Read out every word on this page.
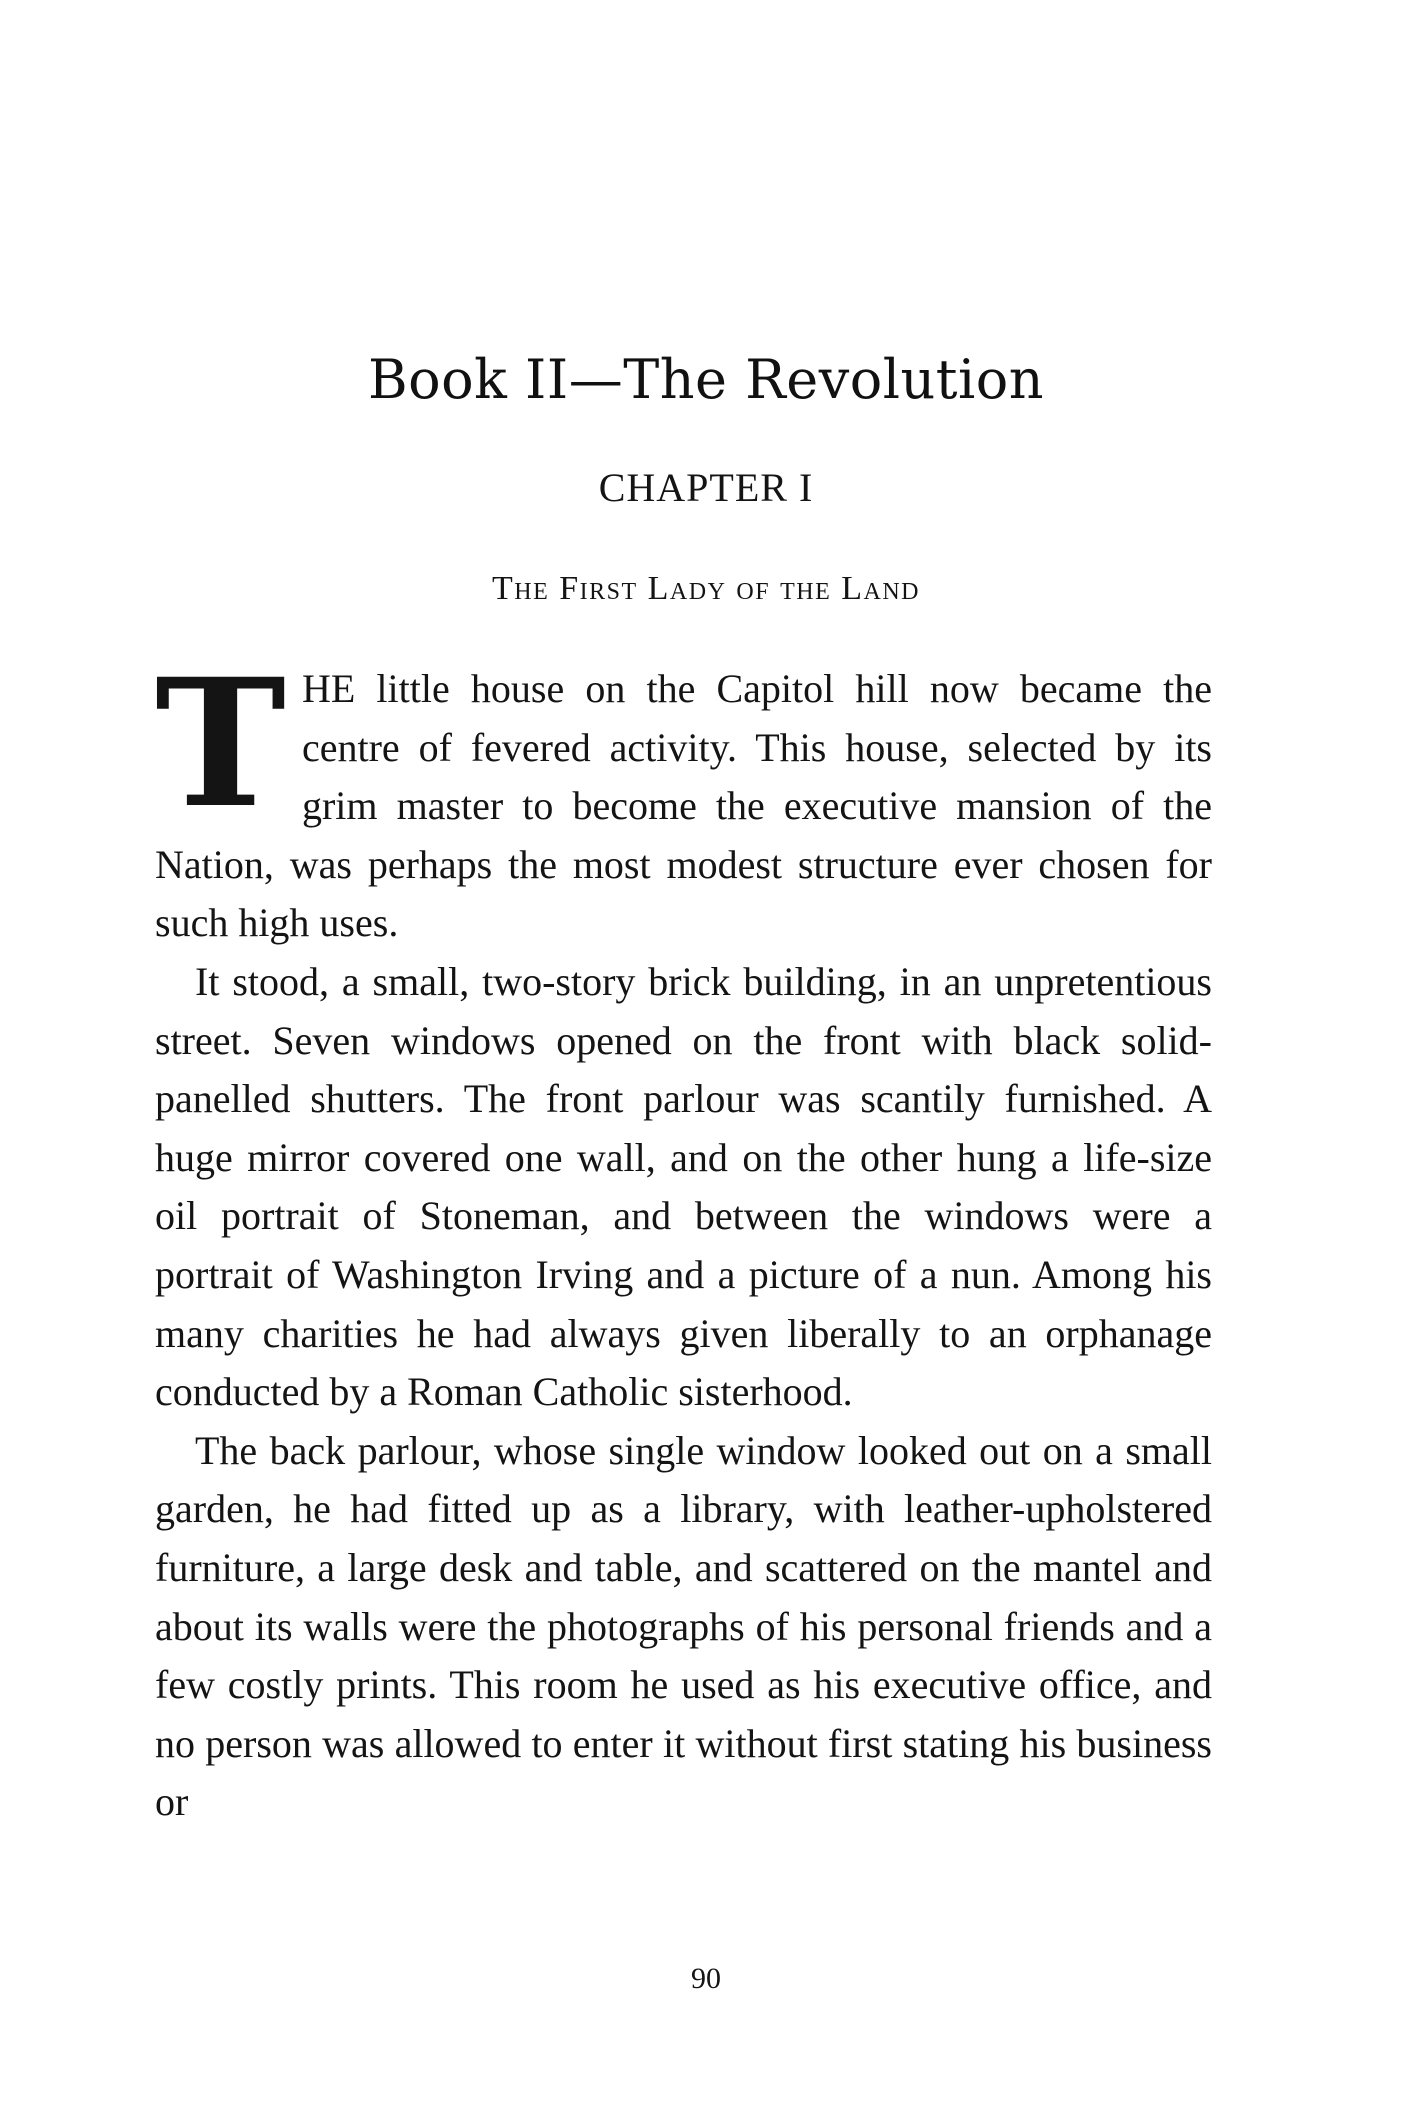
Book II—The Revolution
CHAPTER I
The First Lady of the Land

THE little house on the Capitol hill now became the centre of fevered activity. This house, selected by its grim master to become the executive mansion of the Nation, was perhaps the most modest structure ever chosen for such high uses.

It stood, a small, two-story brick building, in an unpretentious street. Seven windows opened on the front with black solid-panelled shutters. The front parlour was scantily furnished. A huge mirror covered one wall, and on the other hung a life-size oil portrait of Stoneman, and between the windows were a portrait of Washington Irving and a picture of a nun. Among his many charities he had always given liberally to an orphanage conducted by a Roman Catholic sisterhood.

The back parlour, whose single window looked out on a small garden, he had fitted up as a library, with leather-upholstered furniture, a large desk and table, and scattered on the mantel and about its walls were the photographs of his personal friends and a few costly prints. This room he used as his executive office, and no person was allowed to enter it without first stating his business or

90
